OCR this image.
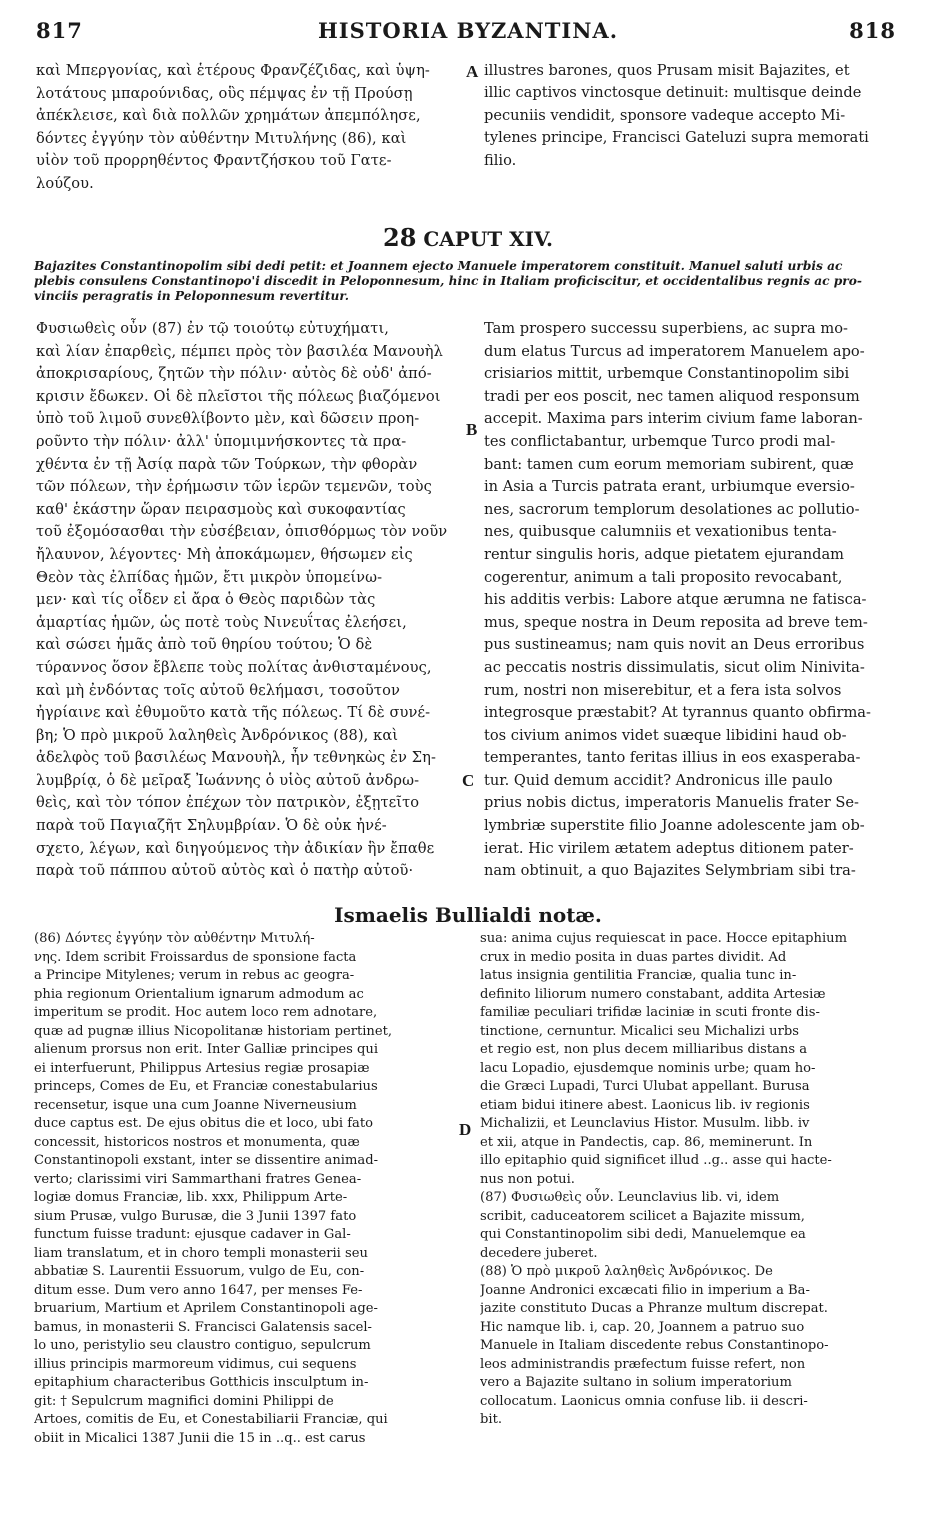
817	HISTORIA BYZANTINA.	818
καὶ Μπεργονίας, καὶ ἑτέρους Φρανζέζιδας, καὶ ὑψη-
λοτάτους μπαρούνιδας, οὓς πέμψας ἐν τῇ Προύσῃ
ἀπέκλεισε, καὶ διὰ πολλῶν χρημάτων ἀπεμπόλησε,
δόντες ἐγγύην τὸν αὐθέντην Μιτυλήνης (86), καὶ
υἱὸν τοῦ προρρηθέντος Φραντζήσκου τοῦ Γατε-
λούζου.
illustres barones, quos Prusam misit Bajazites, et
illic captivos vinctosque detinuit: multisque deinde
pecuniis vendidit, sponsore vadeque accepto Mi-
tylenes principe, Francisci Gateluzi supra memorati
filio.
28 CAPUT XIV.
Bajazites Constantinopolim sibi dedi petit: et Joannem ejecto Manuele imperatorem constituit. Manuel saluti urbis ac
plebis consulens Constantinopo'i discedit in Peloponnesum, hinc in Italiam proficiscitur, et occidentalibus regnis ac pro-
vinciis peragratis in Peloponnesum revertitur.
Φυσιωθεὶς οὖν (87) ἐν τῷ τοιούτῳ εὐτυχήματι,
καὶ λίαν ἐπαρθεὶς, πέμπει πρὸς τὸν βασιλέα Μανουὴλ
ἀποκρισαρίους, ζητῶν τὴν πόλιν· αὐτὸς δὲ οὐδ' ἀπό-
κρισιν ἔδωκεν. Οἱ δὲ πλεῖστοι τῆς πόλεως βιαζόμενοι
ὑπὸ τοῦ λιμοῦ συνεθλίβοντο μὲν, καὶ δῶσειν προη-
ροῦντο τὴν πόλιν· ἀλλ' ὑπομιμνήσκοντες τὰ πρα-
χθέντα ἐν τῇ Ἀσίᾳ παρὰ τῶν Τούρκων, τὴν φθορὰν
τῶν πόλεων, τὴν ἐρήμωσιν τῶν ἱερῶν τεμενῶν, τοὺς
καθ' ἑκάστην ὥραν πειρασμοὺς καὶ συκοφαντίας
τοῦ ἐξομόσασθαι τὴν εὐσέβειαν, ὀπισθόρμως τὸν νοῦν
ἤλαυνον, λέγοντες· Μὴ ἀποκάμωμεν, θήσωμεν εἰς
Θεὸν τὰς ἐλπίδας ἡμῶν, ἔτι μικρὸν ὑπομείνω-
μεν· καὶ τίς οἶδεν εἰ ἄρα ὁ Θεὸς παριδὼν τὰς
ἁμαρτίας ἡμῶν, ὡς ποτὲ τοὺς Νινευΐτας ἐλεήσει,
καὶ σώσει ἡμᾶς ἀπὸ τοῦ θηρίου τούτου; Ὁ δὲ
τύραννος ὅσον ἔβλεπε τοὺς πολίτας ἀνθισταμένους,
καὶ μὴ ἐνδόντας τοῖς αὐτοῦ θελήμασι, τοσοῦτον
ἠγρίαινε καὶ ἐθυμοῦτο κατὰ τῆς πόλεως. Τί δὲ συνέ-
βη; Ὁ πρὸ μικροῦ λαληθεὶς Ἀνδρόνικος (88), καὶ
ἀδελφὸς τοῦ βασιλέως Μανουὴλ, ἦν τεθνηκὼς ἐν Ση-
λυμβρίᾳ, ὁ δὲ μεῖραξ Ἰωάννης ὁ υἱὸς αὐτοῦ ἀνδρω-
θεὶς, καὶ τὸν τόπον ἐπέχων τὸν πατρικὸν, ἐξῃτεῖτο
παρὰ τοῦ Παγιαζῆτ Σηλυμβρίαν. Ὁ δὲ οὐκ ἠνέ-
σχετο, λέγων, καὶ διηγούμενος τὴν ἀδικίαν ἣν ἔπαθε
παρὰ τοῦ πάππου αὐτοῦ αὐτὸς καὶ ὁ πατὴρ αὐτοῦ·
Tam prospero successu superbiens, ac supra mo-
dum elatus Turcus ad imperatorem Manuelem apo-
crisiarios mittit, urbemque Constantinopolim sibi
tradi per eos poscit, nec tamen aliquod responsum
accepit. Maxima pars interim civium fame laboran-
tes conflictabantur, urbemque Turco prodi mal-
bant: tamen cum eorum memoriam subirent, quæ
in Asia a Turcis patrata erant, urbiumque eversio-
nes, sacrorum templorum desolationes ac pollutio-
nes, quibusque calumniis et vexationibus tenta-
rentur singulis horis, adque pietatem ejurandam
cogerentur, animum a tali proposito revocabant,
his additis verbis: Labore atque ærumna ne fatisca-
mus, speque nostra in Deum reposita ad breve tem-
pus sustineamus; nam quis novit an Deus erroribus
ac peccatis nostris dissimulatis, sicut olim Ninivita-
rum, nostri non miserebitur, et a fera ista solvos
integrosque præstabit? At tyrannus quanto obfirma-
tos civium animos videt suæque libidini haud ob-
temperantes, tanto feritas illius in eos exasperaba-
tur. Quid demum accidit? Andronicus ille paulo
prius nobis dictus, imperatoris Manuelis frater Se-
lymbriæ superstite filio Joanne adolescente jam ob-
ierat. Hic virilem ætatem adeptus ditionem pater-
nam obtinuit, a quo Bajazites Selymbriam sibi tra-
A
B
C
D
Ismaelis Bullialdi notæ.
(86) Δόντες ἐγγύην τὸν αὐθέντην Μιτυλή-
νης. Idem scribit Froissardus de sponsione facta
a Principe Mitylenes; verum in rebus ac geogra-
phia regionum Orientalium ignarum admodum ac
imperitum se prodit. Hoc autem loco rem adnotare,
quæ ad pugnæ illius Nicopolitanæ historiam pertinet,
alienum prorsus non erit. Inter Galliæ principes qui
ei interfuerunt, Philippus Artesius regiæ prosapiæ
princeps, Comes de Eu, et Franciæ conestabularius
recensetur, isque una cum Joanne Niverneusium
duce captus est. De ejus obitus die et loco, ubi fato
concessit, historicos nostros et monumenta, quæ
Constantinopoli exstant, inter se dissentire animad-
verto; clarissimi viri Sammarthani fratres Genea-
logiæ domus Franciæ, lib. xxx, Philippum Arte-
sium Prusæ, vulgo Burusæ, die 3 Junii 1397 fato
functum fuisse tradunt: ejusque cadaver in Gal-
liam translatum, et in choro templi monasterii seu
abbatiæ S. Laurentii Essuorum, vulgo de Eu, con-
ditum esse. Dum vero anno 1647, per menses Fe-
bruarium, Martium et Aprilem Constantinopoli age-
bamus, in monasterii S. Francisci Galatensis sacel-
lo uno, peristylio seu claustro contiguo, sepulcrum
illius principis marmoreum vidimus, cui sequens
epitaphium characteribus Gotthicis insculptum in-
git: † Sepulcrum magnifici domini Philippi de
Artoes, comitis de Eu, et Conestabiliarii Franciæ, qui
obiit in Micalici 1387 Junii die 15 in ..q.. est carus
sua: anima cujus requiescat in pace. Hocce epitaphium
crux in medio posita in duas partes dividit. Ad
latus insignia gentilitia Franciæ, qualia tunc in-
definito liliorum numero constabant, addita Artesiæ
familiæ peculiari trifidæ laciniæ in scuti fronte dis-
tinctione, cernuntur. Micalici seu Michalizi urbs
et regio est, non plus decem milliaribus distans a
lacu Lopadio, ejusdemque nominis urbe; quam ho-
die Græci Lupadi, Turci Ulubat appellant. Burusa
etiam bidui itinere abest. Laonicus lib. iv regionis
Michalizii, et Leunclavius Histor. Musulm. libb. iv
et xii, atque in Pandectis, cap. 86, meminerunt. In
illo epitaphio quid significet illud ..g.. asse qui hacte-
nus non potui.
(87) Φυσιωθεὶς οὖν. Leunclavius lib. vi, idem
scribit, caduceatorem scilicet a Bajazite missum,
qui Constantinopolim sibi dedi, Manuelemque ea
decedere juberet.
(88) Ὁ πρὸ μικροῦ λαληθεὶς Ἀνδρόνικος. De
Joanne Andronici excæcati filio in imperium a Ba-
jazite constituto Ducas a Phranze multum discrepat.
Hic namque lib. i, cap. 20, Joannem a patruo suo
Manuele in Italiam discedente rebus Constantinopo-
leos administrandis præfectum fuisse refert, non
vero a Bajazite sultano in solium imperatorium
collocatum. Laonicus omnia confuse lib. ii descri-
bit.
